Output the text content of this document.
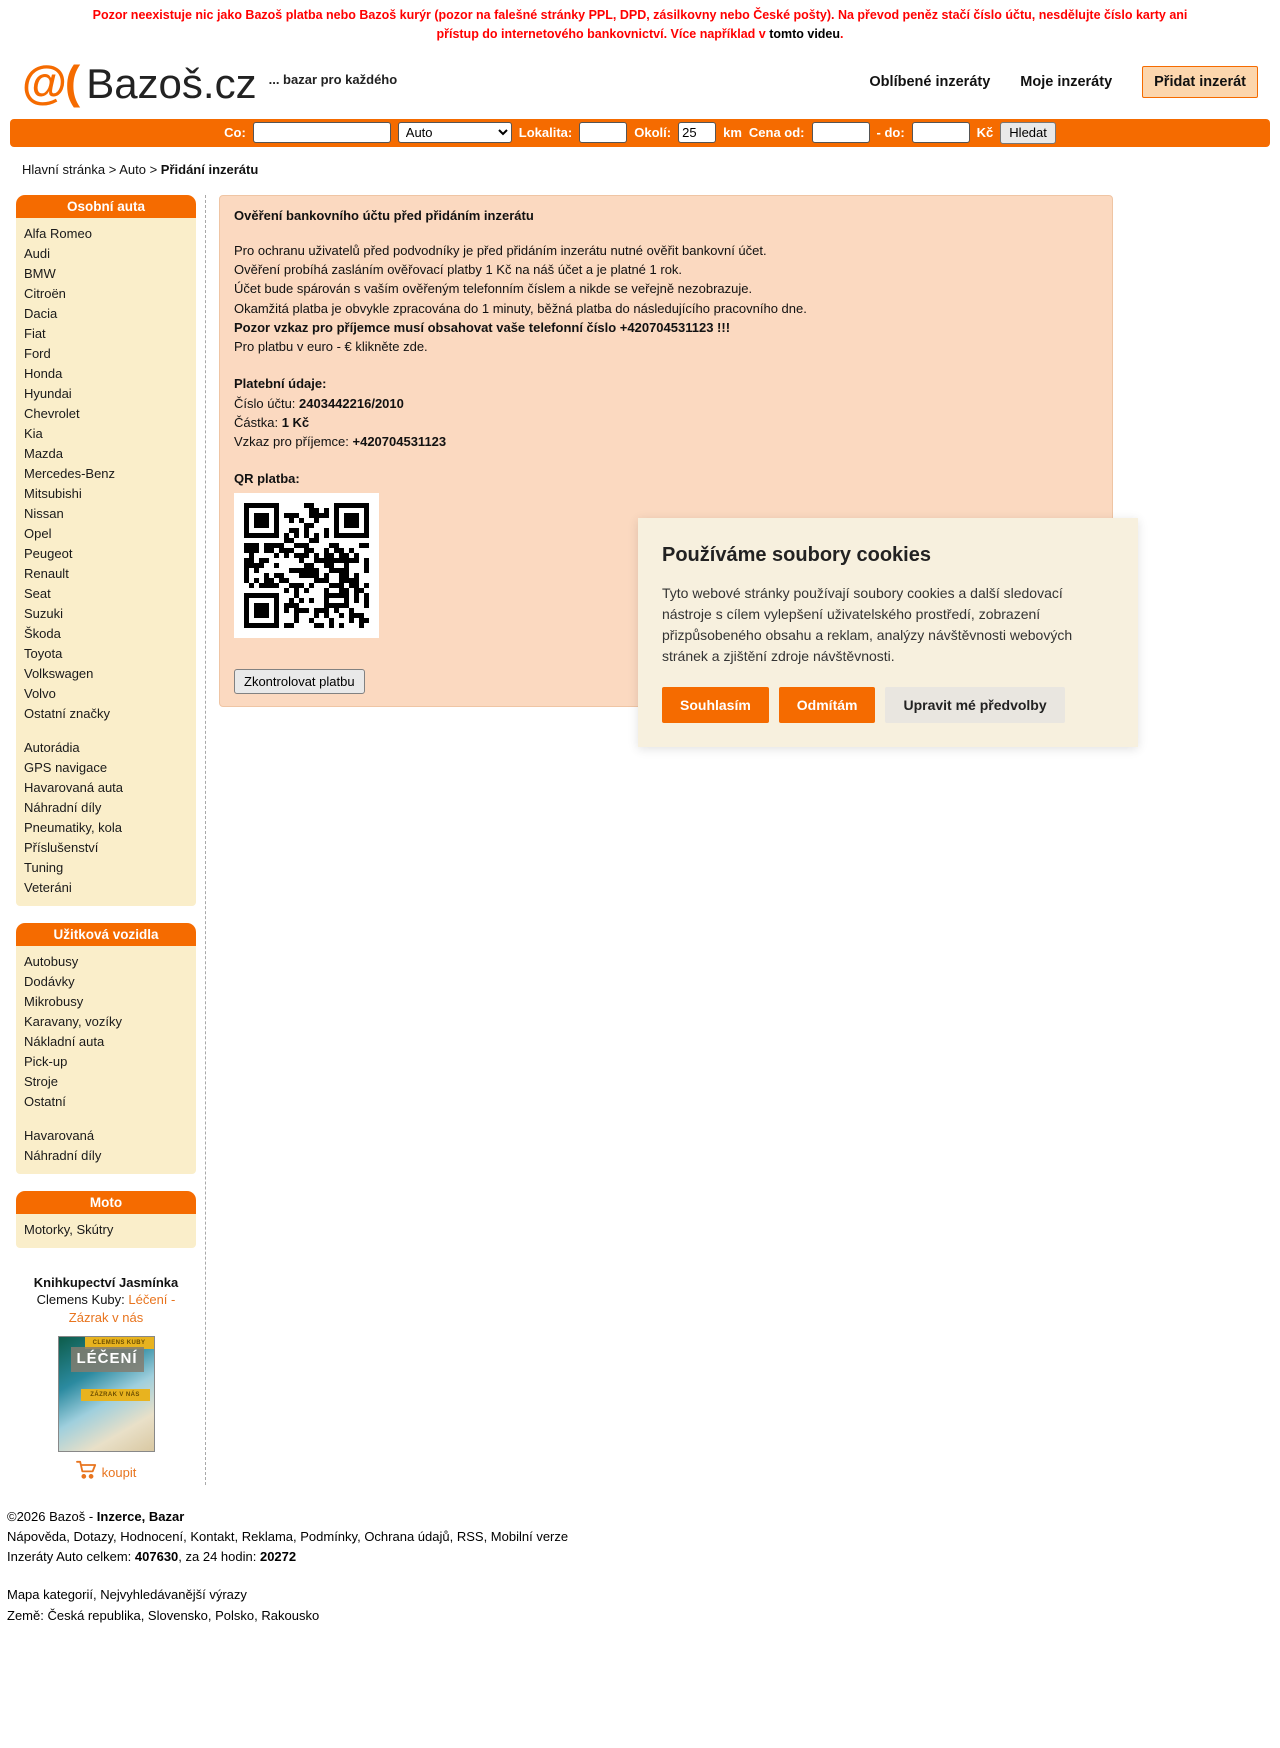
Pozor neexistuje nic jako Bazoš platba nebo Bazoš kurýr (pozor na falešné stránky PPL, DPD, zásilkovny nebo České pošty). Na převod peněz stačí číslo účtu, nesdělujte číslo karty ani přístup do internetového bankovnictví. Více například v tomto videu.
@( Bazoš.cz ... bazar pro každého	Oblíbené inzeráty Moje inzeráty	Přidat inzerát
Co:
Auto	Lokalita:	Okolí:
25	km Cena od:	- do:	Kč	Hledat
Hlavní stránka > Auto > Přidání inzerátu
Osobní auta
Alfa Romeo
Audi
BMW
Citroën
Dacia
Fiat
Ford
Honda
Hyundai
Chevrolet
Kia
Mazda
Mercedes-Benz
Mitsubishi
Nissan
Opel
Peugeot
Renault
Seat
Suzuki
Škoda
Toyota
Volkswagen
Volvo
Ostatní značky
Autorádia
GPS navigace
Havarovaná auta
Náhradní díly
Pneumatiky, kola
Příslušenství
Tuning
Veteráni
Užitková vozidla
Autobusy
Dodávky
Mikrobusy
Karavany, vozíky
Nákladní auta
Pick-up
Stroje
Ostatní
Havarovaná
Náhradní díly
Moto
Motorky, Skútry
Knihkupectví Jasmínka
Clemens Kuby: Léčení - Zázrak v nás
CLEMENS KUBY
LÉČENÍ
ZÁZRAK V NÁS
koupit
Ověření bankovního účtu před přidáním inzerátu
Pro ochranu uživatelů před podvodníky je před přidáním inzerátu nutné ověřit bankovní účet.
Ověření probíhá zasláním ověřovací platby 1 Kč na náš účet a je platné 1 rok.
Účet bude spárován s vaším ověřeným telefonním číslem a nikde se veřejně nezobrazuje.
Okamžitá platba je obvykle zpracována do 1 minuty, běžná platba do následujícího pracovního dne.
Pozor vzkaz pro příjemce musí obsahovat vaše telefonní číslo +420704531123 !!!
Pro platbu v euro - € klikněte zde.
Platební údaje:
Číslo účtu: 2403442216/2010
Částka: 1 Kč
Vzkaz pro příjemce: +420704531123
QR platba:
Zkontrolovat platbu
Používáme soubory cookies

Tyto webové stránky používají soubory cookies a další sledovací nástroje s cílem vylepšení uživatelského prostředí, zobrazení přizpůsobeného obsahu a reklam, analýzy návštěvnosti webových stránek a zjištění zdroje návštěvnosti.

Souhlasím	Odmítám	Upravit mé předvolby
©2026 Bazoš - Inzerce, Bazar
Nápověda, Dotazy, Hodnocení, Kontakt, Reklama, Podmínky, Ochrana údajů, RSS, Mobilní verze
Inzeráty Auto celkem: 407630, za 24 hodin: 20272
Mapa kategorií, Nejvyhledávanější výrazy
Země: Česká republika, Slovensko, Polsko, Rakousko
